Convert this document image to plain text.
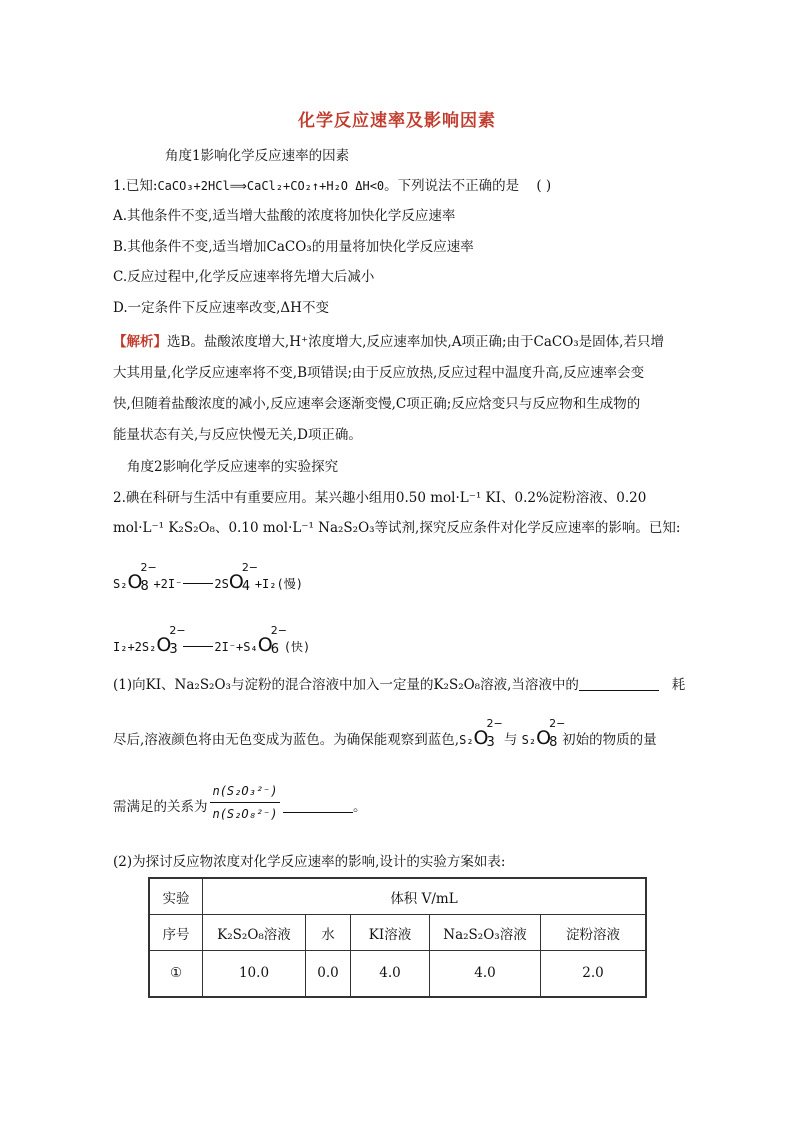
化学反应速率及影响因素
角度1影响化学反应速率的因素
1.已知:CaCO₃+2HCl⟹CaCl₂+CO₂↑+H₂O ΔH<0。下列说法不正确的是 ( )
A.其他条件不变,适当增大盐酸的浓度将加快化学反应速率
B.其他条件不变,适当增加CaCO₃的用量将加快化学反应速率
C.反应过程中,化学反应速率将先增大后减小
D.一定条件下反应速率改变,ΔH不变
【解析】选B。盐酸浓度增大,H⁺浓度增大,反应速率加快,A项正确;由于CaCO₃是固体,若只增
大其用量,化学反应速率将不变,B项错误;由于反应放热,反应过程中温度升高,反应速率会变
快,但随着盐酸浓度的减小,反应速率会逐渐变慢,C项正确;反应焓变只与反应物和生成物的
能量状态有关,与反应快慢无关,D项正确。
角度2影响化学反应速率的实验探究
2.碘在科研与生活中有重要应用。某兴趣小组用0.50 mol·L⁻¹ KI、0.2%淀粉溶液、0.20
mol·L⁻¹ K₂S₂O₈、0.10 mol·L⁻¹ Na₂S₂O₃等试剂,探究反应条件对化学反应速率的影响。已知:
S₂O
2−
8 +2I⁻	2SO
2−
4 +I₂(慢)
I₂+2S₂O
2−
3	2I⁻+S₄O
2−
6 (快)
(1)向KI、Na₂S₂O₃与淀粉的混合溶液中加入一定量的K₂S₂O₈溶液,当溶液中的	耗
尽后,溶液颜色将由无色变成为蓝色。为确保能观察到蓝色,S₂O
2−
3 与 S₂O
2−
8 初始的物质的量
需满足的关系为
n(S₂O₃²⁻)
n(S₂O₈²⁻)	。
(2)为探讨反应物浓度对化学反应速率的影响,设计的实验方案如表:
实验	体积 V/mL				
序号	K₂S₂O₈溶液	水	KI溶液	Na₂S₂O₃溶液	淀粉溶液
①	10.0	0.0	4.0	4.0	2.0
